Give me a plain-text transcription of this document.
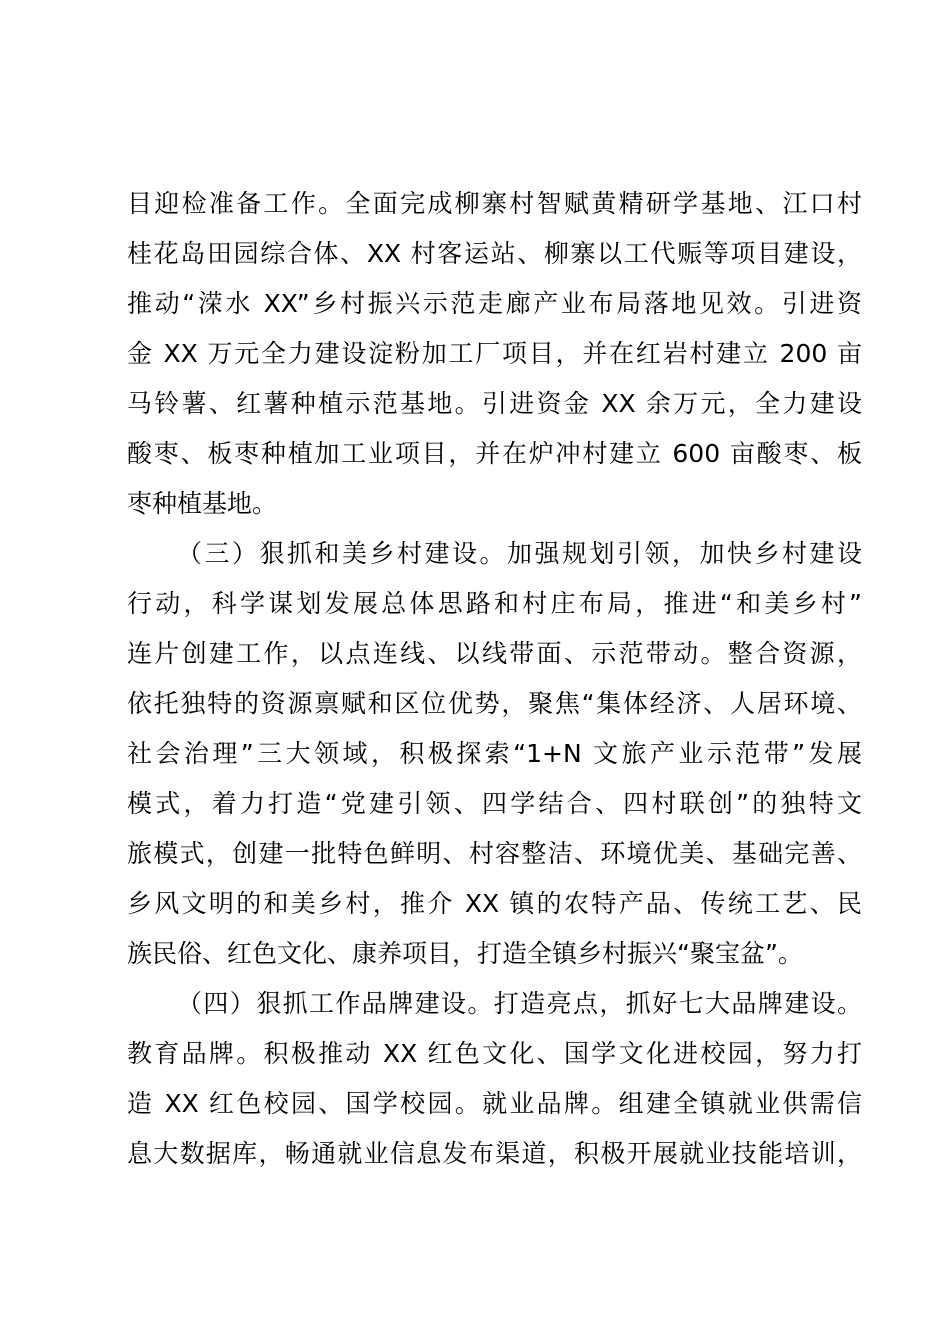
目迎检准备工作。全面完成柳寨村智赋黄精研学基地、江口村
桂花岛田园综合体、XX 村客运站、柳寨以工代赈等项目建设，
推动“溁水 XX”乡村振兴示范走廊产业布局落地见效。引进资
金 XX 万元全力建设淀粉加工厂项目，并在红岩村建立 200 亩
马铃薯、红薯种植示范基地。引进资金 XX 余万元，全力建设
酸枣、板枣种植加工业项目，并在炉冲村建立 600 亩酸枣、板
枣种植基地。
（三）狠抓和美乡村建设。加强规划引领，加快乡村建设
行动，科学谋划发展总体思路和村庄布局，推进“和美乡村”
连片创建工作，以点连线、以线带面、示范带动。整合资源，
依托独特的资源禀赋和区位优势，聚焦“集体经济、人居环境、
社会治理”三大领域，积极探索“1+N 文旅产业示范带”发展
模式，着力打造“党建引领、四学结合、四村联创”的独特文
旅模式，创建一批特色鲜明、村容整洁、环境优美、基础完善、
乡风文明的和美乡村，推介 XX 镇的农特产品、传统工艺、民
族民俗、红色文化、康养项目，打造全镇乡村振兴“聚宝盆”。
（四）狠抓工作品牌建设。打造亮点，抓好七大品牌建设。
教育品牌。积极推动 XX 红色文化、国学文化进校园，努力打
造 XX 红色校园、国学校园。就业品牌。组建全镇就业供需信
息大数据库，畅通就业信息发布渠道，积极开展就业技能培训，
